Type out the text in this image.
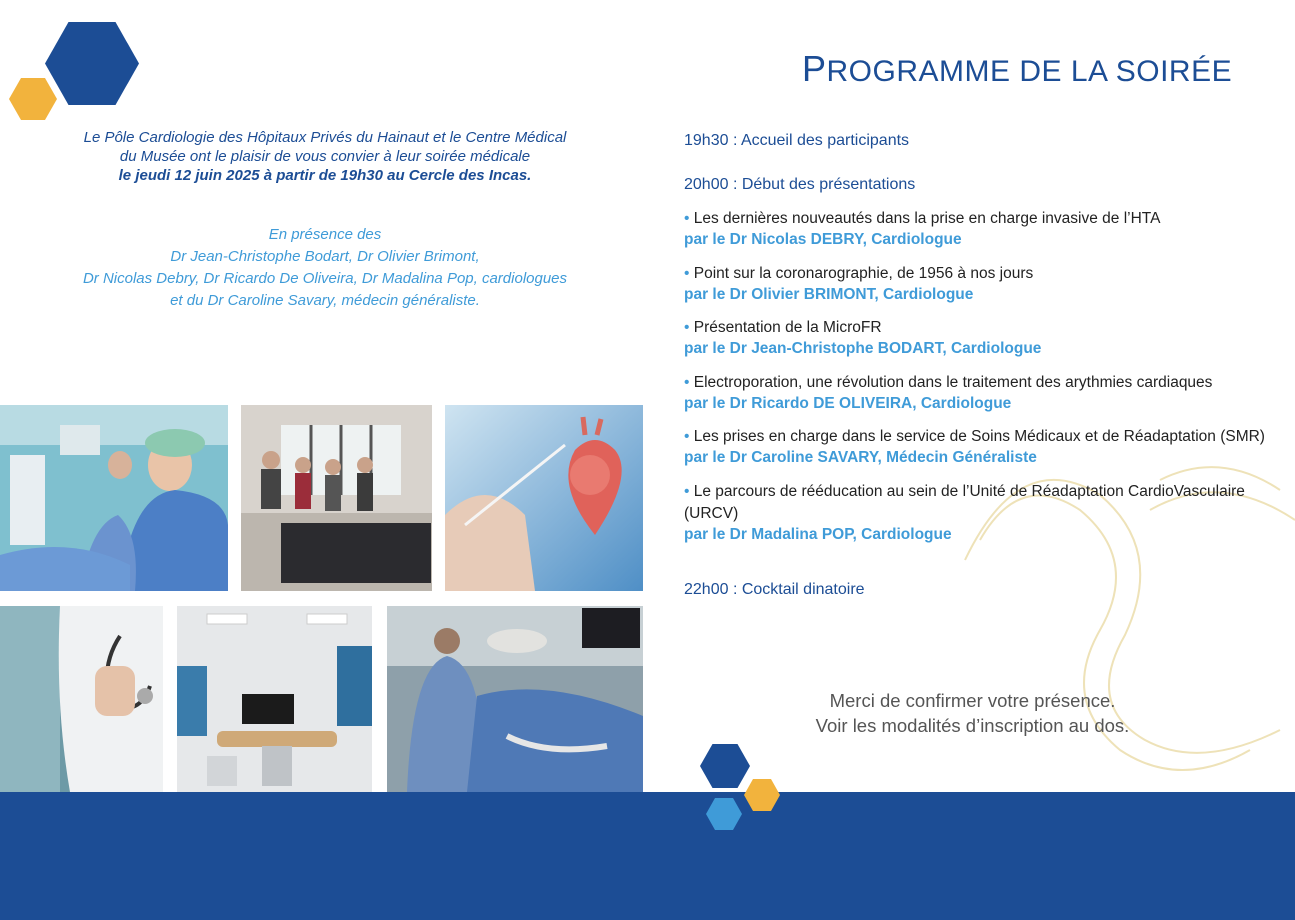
Le Pôle Cardiologie des Hôpitaux Privés du Hainaut et le Centre Médical
du Musée ont le plaisir de vous convier à leur soirée médicale
le jeudi 12 juin 2025 à partir de 19h30 au Cercle des Incas.
En présence des
Dr Jean-Christophe Bodart, Dr Olivier Brimont,
Dr Nicolas Debry, Dr Ricardo De Oliveira, Dr Madalina Pop, cardiologues
et du Dr Caroline Savary, médecin généraliste.
PROGRAMME DE LA SOIRÉE
19h30 : Accueil des participants
20h00 : Début des présentations
• Les dernières nouveautés dans la prise en charge invasive de l’HTA
par le Dr Nicolas DEBRY, Cardiologue
• Point sur la coronarographie, de 1956 à nos jours
par le Dr Olivier BRIMONT, Cardiologue
• Présentation de la MicroFR
par le Dr Jean-Christophe BODART, Cardiologue
• Electroporation, une révolution dans le traitement des arythmies cardiaques
par le Dr Ricardo DE OLIVEIRA, Cardiologue
• Les prises en charge dans le service de Soins Médicaux et de Réadaptation (SMR)
par le Dr Caroline SAVARY, Médecin Généraliste
• Le parcours de rééducation au sein de l’Unité de Réadaptation CardioVasculaire (URCV)
par le Dr Madalina POP, Cardiologue
22h00 : Cocktail dinatoire
Merci de confirmer votre présence.
Voir les modalités d’inscription au dos.
